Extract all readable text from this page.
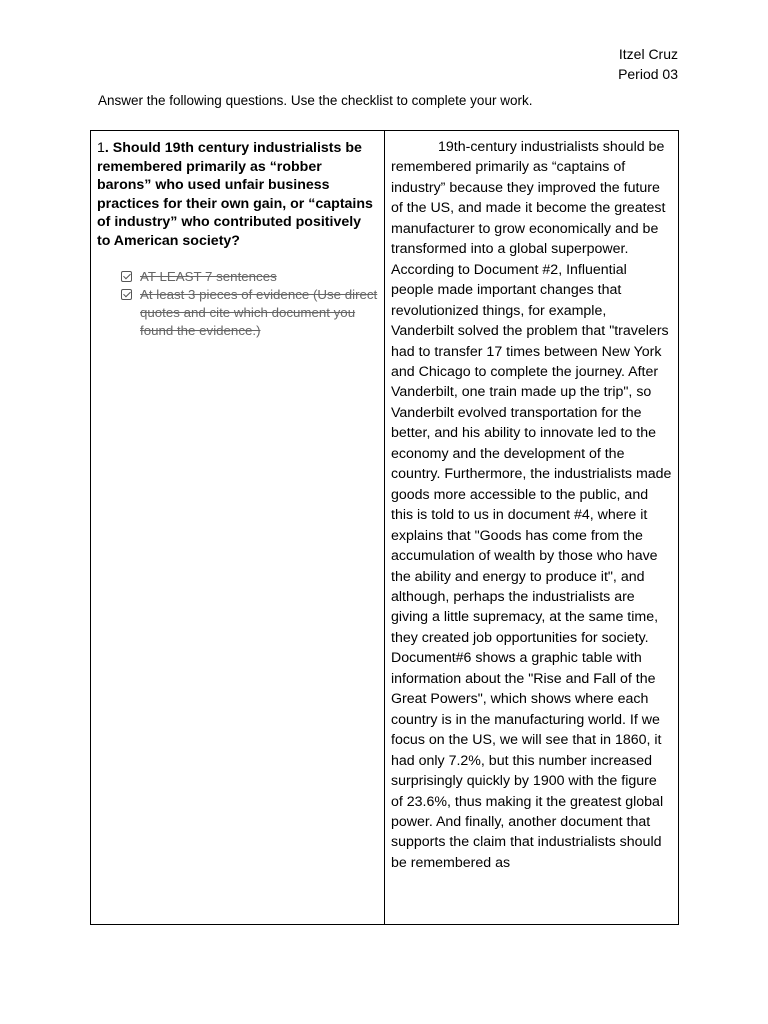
Itzel Cruz
Period 03
Answer the following questions. Use the checklist to complete your work.

1. Should 19th century industrialists be remembered primarily as “robber barons” who used unfair business practices for their own gain, or “captains of industry” who contributed positively to American society?

AT LEAST 7 sentences
At least 3 pieces of evidence (Use direct quotes and cite which document you found the evidence.)

19th-century industrialists should be remembered primarily as “captains of industry” because they improved the future of the US, and made it become the greatest manufacturer to grow economically and be transformed into a global superpower. According to Document #2, Influential people made important changes that revolutionized things, for example, Vanderbilt solved the problem that "travelers had to transfer 17 times between New York and Chicago to complete the journey. After Vanderbilt, one train made up the trip", so Vanderbilt evolved transportation for the better, and his ability to innovate led to the economy and the development of the country. Furthermore, the industrialists made goods more accessible to the public, and this is told to us in document #4, where it explains that "Goods has come from the accumulation of wealth by those who have the ability and energy to produce it", and although, perhaps the industrialists are giving a little supremacy, at the same time, they created job opportunities for society. Document#6 shows a graphic table with information about the "Rise and Fall of the Great Powers", which shows where each country is in the manufacturing world. If we focus on the US, we will see that in 1860, it had only 7.2%, but this number increased surprisingly quickly by 1900 with the figure of 23.6%, thus making it the greatest global power. And finally, another document that supports the claim that industrialists should be remembered as
